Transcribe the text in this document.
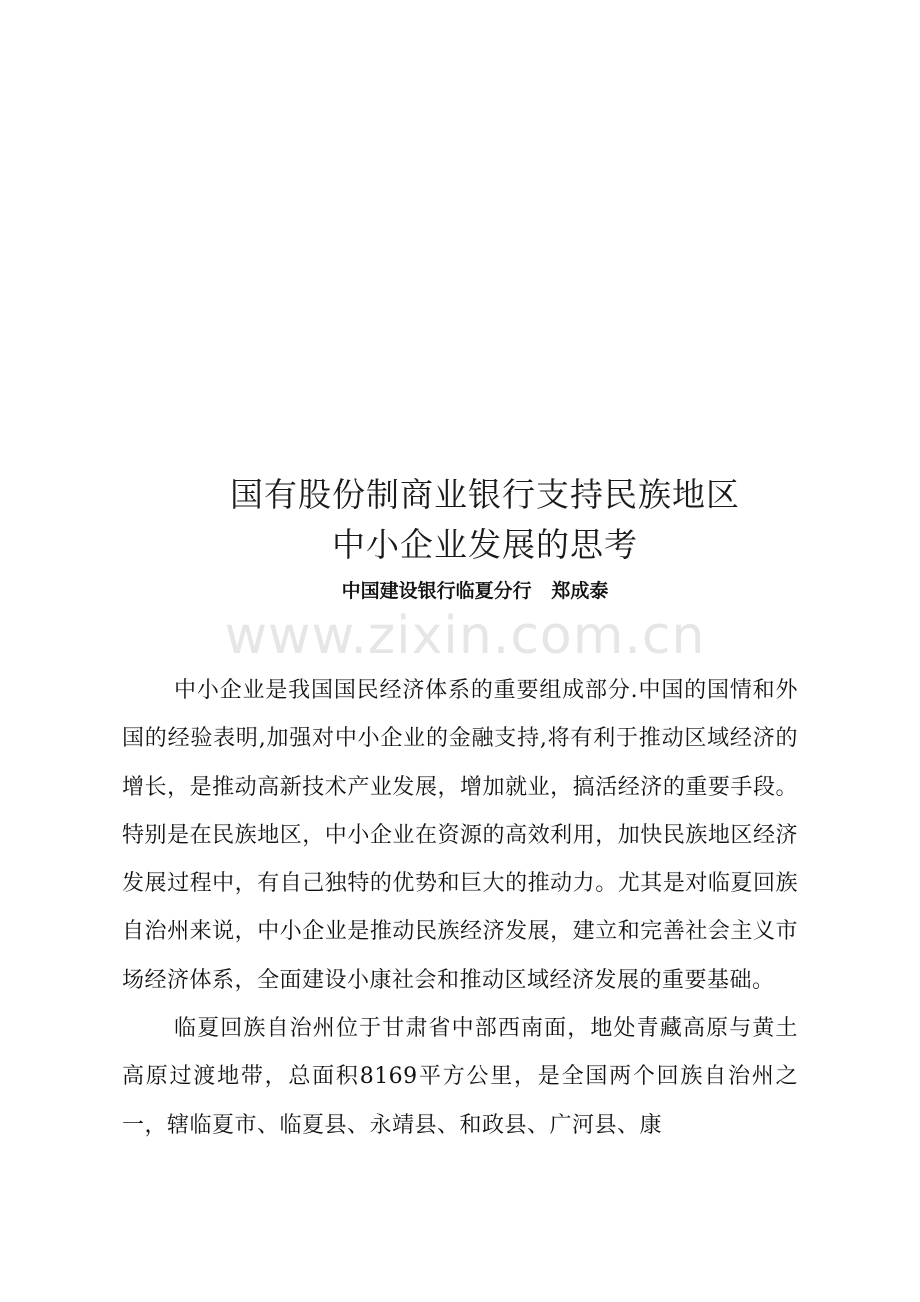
国有股份制商业银行支持民族地区
中小企业发展的思考
中国建设银行临夏分行   郑成泰
www.zixin.com.cn

中小企业是我国国民经济体系的重要组成部分.中国的国情和外国的经验表明,加强对中小企业的金融支持,将有利于推动区域经济的增长，是推动高新技术产业发展，增加就业，搞活经济的重要手段。特别是在民族地区，中小企业在资源的高效利用，加快民族地区经济发展过程中，有自己独特的优势和巨大的推动力。尤其是对临夏回族自治州来说，中小企业是推动民族经济发展，建立和完善社会主义市场经济体系，全面建设小康社会和推动区域经济发展的重要基础。

临夏回族自治州位于甘肃省中部西南面，地处青藏高原与黄土高原过渡地带，总面积8169平方公里，是全国两个回族自治州之一，辖临夏市、临夏县、永靖县、和政县、广河县、康
